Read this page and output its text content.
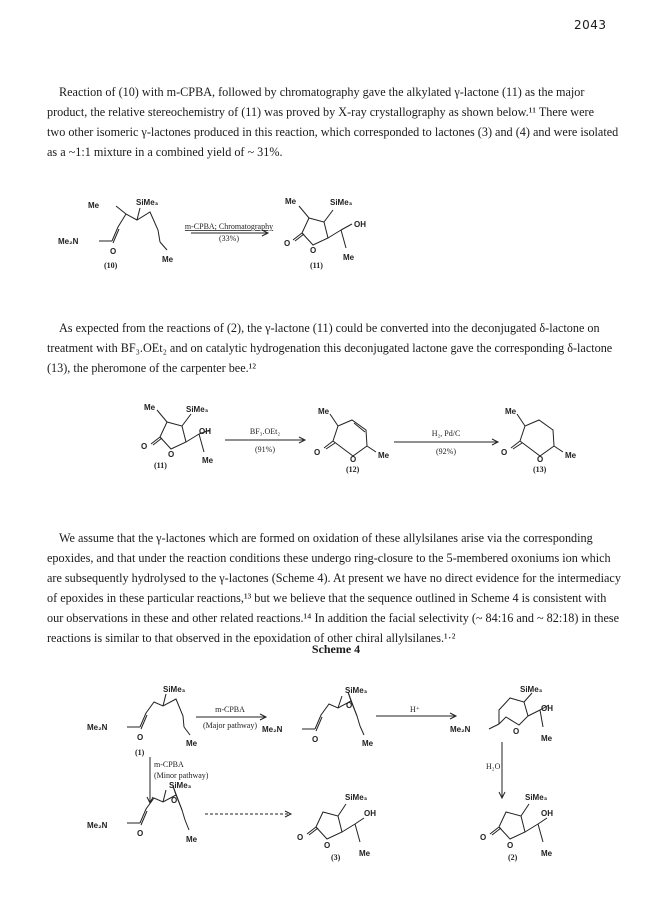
2043

Reaction of (10) with m-CPBA, followed by chromatography gave the alkylated γ-lactone (11) as the major

product, the relative stereochemistry of (11) was proved by X-ray crystallography as shown below.¹¹ There were
two other isomeric γ-lactones produced in this reaction, which corresponded to lactones (3) and (4) and were isolated
as a ~1:1 mixture in a combined yield of ~ 31%.

As expected from the reactions of (2), the γ-lactone (11) could be converted into the deconjugated δ-lactone on

treatment with BF₃.OEt₂ and on catalytic hydrogenation this deconjugated lactone gave the corresponding δ-lactone
(13), the pheromone of the carpenter bee.¹²

We assume that the γ-lactones which are formed on oxidation of these allylsilanes arise via the corresponding

epoxides, and that under the reaction conditions these undergo ring-closure to the 5-membered oxoniums ion which
are subsequently hydrolysed to the γ-lactones (Scheme 4). At present we have no direct evidence for the intermediacy
of epoxides in these particular reactions,¹³ but we believe that the sequence outlined in Scheme 4 is consistent with
our observations in these and other related reactions.¹⁴ In addition the facial selectivity (~ 84:16 and ~ 82:18) in these
reactions is similar to that observed in the epoxidation of other chiral allylsilanes.¹·²
Scheme 4
Me	SiMe₃
Me₂N
O
Me
(10)
m-CPBA; Chromatography
(33%)
Me	SiMe₃
OH
O
O
Me
(11)
Me	SiMe₃
OH
O
O
Me
(11)
BF₃.OEt₂
(91%)
Me
O
O	Me
(12)
H₂, Pd/C
(92%)
Me
O
O	Me
(13)
SiMe₃
Me₂N
O
Me
(1)
m-CPBA
(Major pathway)
SiMe₃
O
Me₂N
O	Me
H⁺
SiMe₃
OH
Me₂N	O
Me
m-CPBA
(Minor pathway)
SiMe₃
O
Me₂N
O
Me
SiMe₃
OH
O
O
Me
(3)
H₂O
SiMe₃
OH
O
O
Me
(2)
